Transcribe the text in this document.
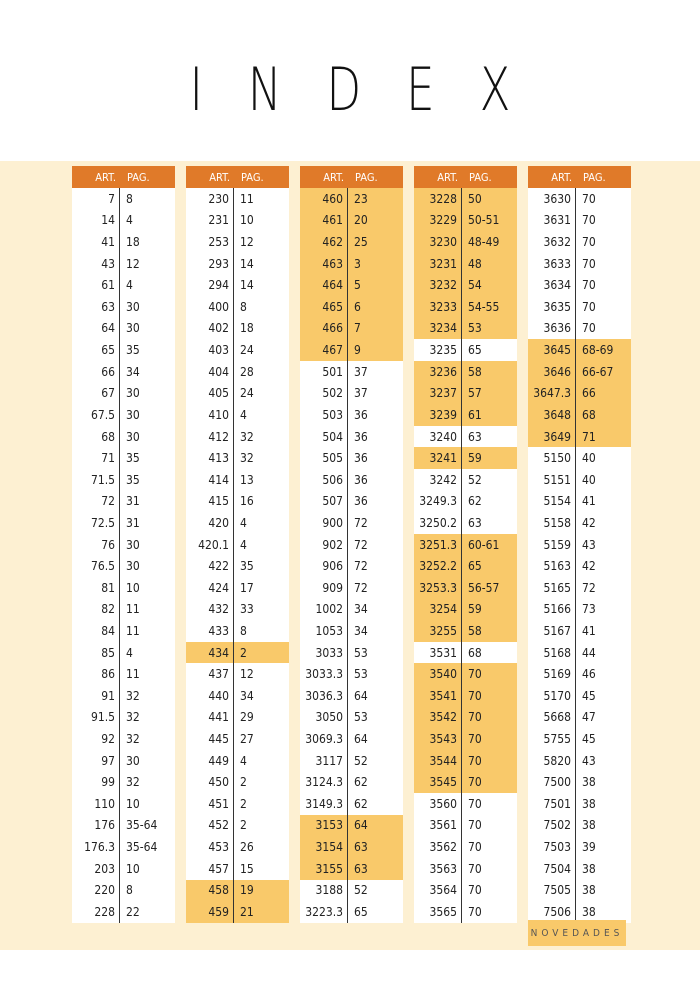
INDEX
ART.	PAG.
7 8
14 4
41 18
43 12
61 4
63 30
64 30
65 35
66 34
67 30
67.5 30
68 30
71 35
71.5 35
72 31
72.5 31
76 30
76.5 30
81 10
82 11
84 11
85 4
86 11
91 32
91.5 32
92 32
97 30
99 32
110 10
176 35-64
176.3 35-64
203 10
220 8
228 22
ART.	PAG.
230 11
231 10
253 12
293 14
294 14
400 8
402 18
403 24
404 28
405 24
410 4
412 32
413 32
414 13
415 16
420 4
420.1 4
422 35
424 17
432 33
433 8
434 2
437 12
440 34
441 29
445 27
449 4
450 2
451 2
452 2
453 26
457 15
458 19
459 21
ART.	PAG.
460 23
461 20
462 25
463 3
464 5
465 6
466 7
467 9
501 37
502 37
503 36
504 36
505 36
506 36
507 36
900 72
902 72
906 72
909 72
1002 34
1053 34
3033 53
3033.3 53
3036.3 64
3050 53
3069.3 64
3117 52
3124.3 62
3149.3 62
3153 64
3154 63
3155 63
3188 52
3223.3 65
ART.	PAG.
3228 50
3229 50-51
3230 48-49
3231 48
3232 54
3233 54-55
3234 53
3235 65
3236 58
3237 57
3239 61
3240 63
3241 59
3242 52
3249.3 62
3250.2 63
3251.3 60-61
3252.2 65
3253.3 56-57
3254 59
3255 58
3531 68
3540 70
3541 70
3542 70
3543 70
3544 70
3545 70
3560 70
3561 70
3562 70
3563 70
3564 70
3565 70
ART.	PAG.
3630 70
3631 70
3632 70
3633 70
3634 70
3635 70
3636 70
3645 68-69
3646 66-67
3647.3 66
3648 68
3649 71
5150 40
5151 40
5154 41
5158 42
5159 43
5163 42
5165 72
5166 73
5167 41
5168 44
5169 46
5170 45
5668 47
5755 45
5820 43
7500 38
7501 38
7502 38
7503 39
7504 38
7505 38
7506 38
NOVEDADES
